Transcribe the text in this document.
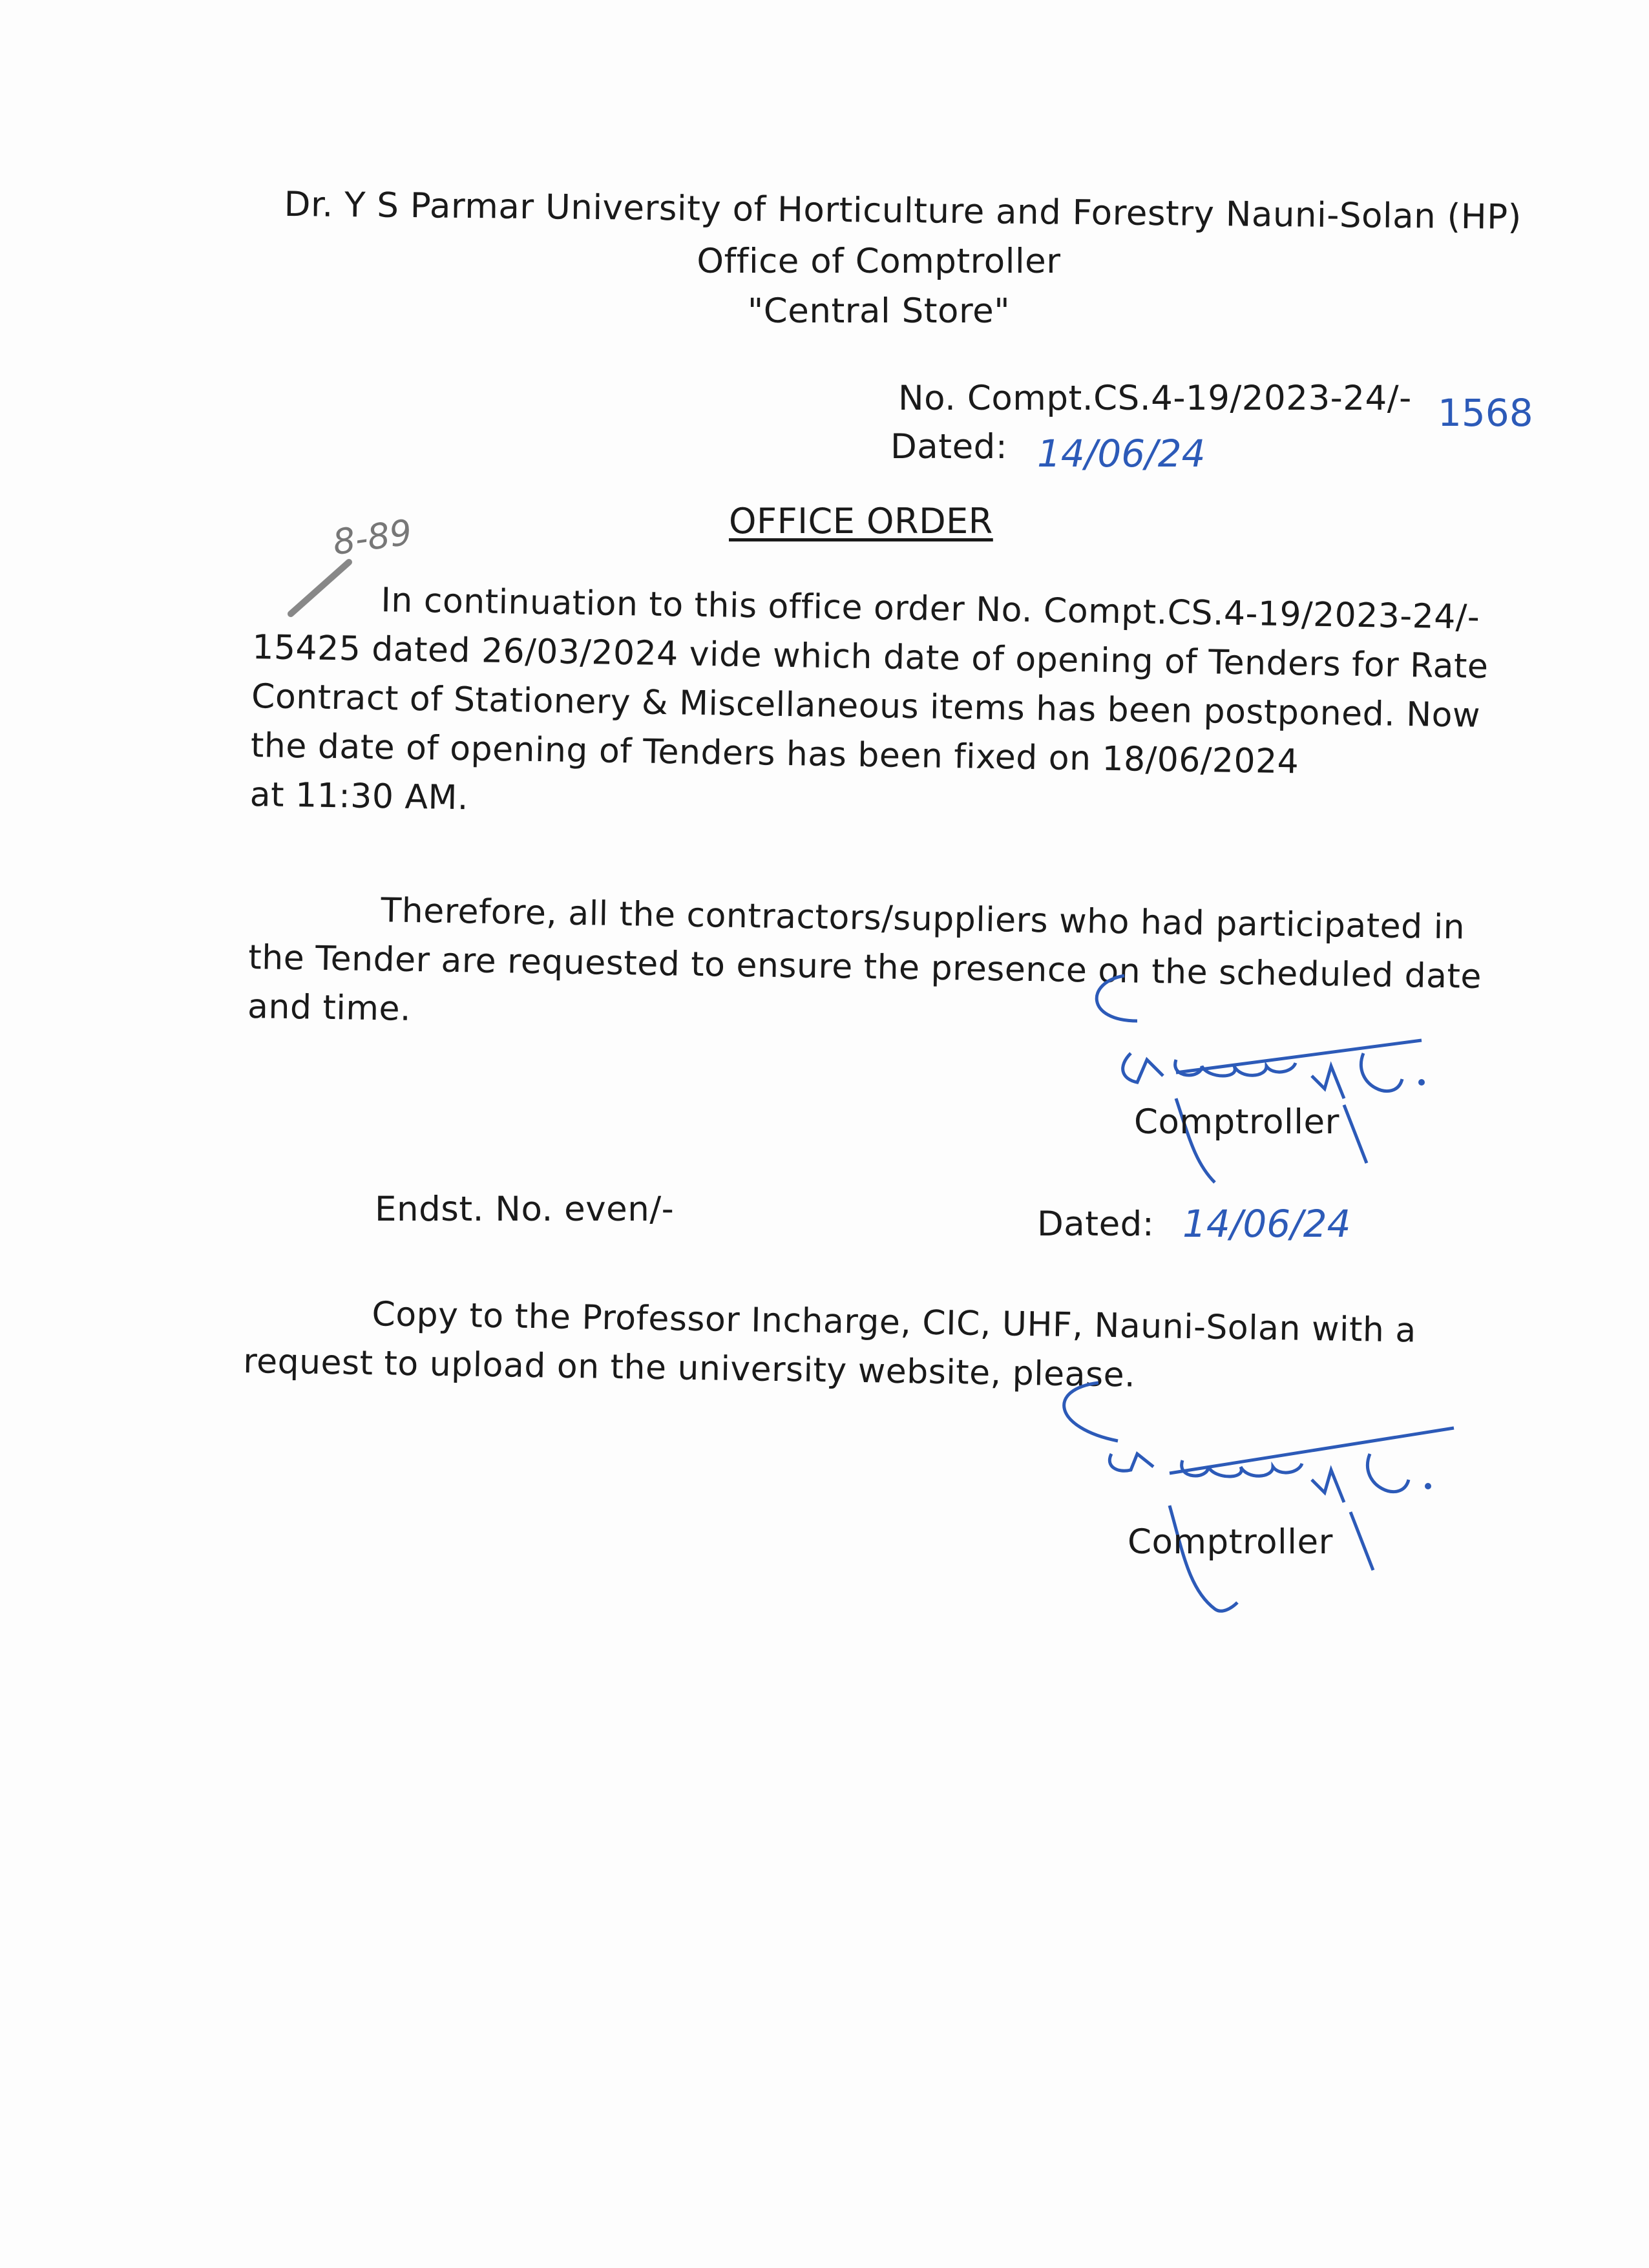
Dr. Y S Parmar University of Horticulture and Forestry Nauni-Solan (HP)
Office of Comptroller
"Central Store"
No. Compt.CS.4-19/2023-24/- 1568
Dated: 14/06/24
8-89	OFFICE ORDER
In continuation to this office order No. Compt.CS.4-19/2023-24/-
15425 dated 26/03/2024 vide which date of opening of Tenders for Rate
Contract of Stationery & Miscellaneous items has been postponed. Now
the date of opening of Tenders has been fixed on 18/06/2024
at 11:30 AM.
Therefore, all the contractors/suppliers who had participated in
the Tender are requested to ensure the presence on the scheduled date
and time.
Comptroller
Endst. No. even/-	Dated: 14/06/24
Copy to the Professor Incharge, CIC, UHF, Nauni-Solan with a
request to upload on the university website, please.
Comptroller
